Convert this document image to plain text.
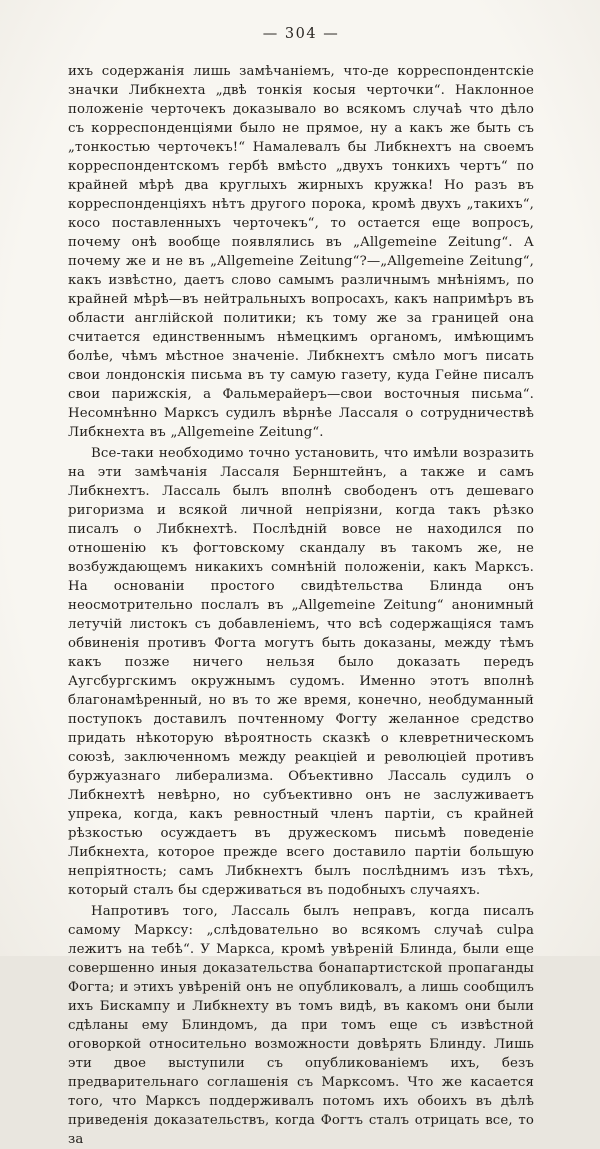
— 304 —

ихъ содержанія лишь замѣчаніемъ, что-де корреспондентскіе значки Либкнехта „двѣ тонкія косыя черточки“. Наклонное положеніе черточекъ доказывало во всякомъ случаѣ что дѣло съ корреспонденціями было не прямое, ну а какъ же быть съ „тонкостью черточекъ!“ Намалевалъ бы Либкнехтъ на своемъ корреспондентскомъ гербѣ вмѣсто „двухъ тонкихъ чертъ“ по крайней мѣрѣ два круглыхъ жирныхъ кружка! Но разъ въ корреспонденціяхъ нѣтъ другого порока, кромѣ двухъ „такихъ“, косо поставленныхъ черточекъ“, то остается еще вопросъ, почему онѣ вообще появлялись въ „Allgemeine Zeitung“. А почему же и не въ „Allgemeine Zeitung“?—„Allgemeine Zeitung“, какъ извѣстно, даетъ слово самымъ различнымъ мнѣніямъ, по крайней мѣрѣ—въ нейтральныхъ вопросахъ, какъ напримѣръ въ области англійской политики; къ тому же за границей она считается единственнымъ нѣмецкимъ органомъ, имѣющимъ болѣе, чѣмъ мѣстное значеніе. Либкнехтъ смѣло могъ писать свои лондонскія письма въ ту самую газету, куда Гейне писалъ свои парижскія, а Фальмерайеръ—свои восточныя письма“. Несомнѣнно Марксъ судилъ вѣрнѣе Лассаля о сотрудничествѣ Либкнехта въ „Allgemeine Zeitung“.

Все-таки необходимо точно установить, что имѣли возразить на эти замѣчанія Лассаля Бернштейнъ, а также и самъ Либкнехтъ. Лассаль былъ вполнѣ свободенъ отъ дешеваго ригоризма и всякой личной непріязни, когда такъ рѣзко писалъ о Либкнехтѣ. Послѣдній вовсе не находился по отношенію къ фогтовскому скандалу въ такомъ же, не возбуждающемъ никакихъ сомнѣній положеніи, какъ Марксъ. На основаніи простого свидѣтельства Блинда онъ неосмотрительно послалъ въ „Allgemeine Zeitung“ анонимный летучій листокъ съ добавленіемъ, что всѣ содержащіяся тамъ обвиненія противъ Фогта могутъ быть доказаны, между тѣмъ какъ позже ничего нельзя было доказать передъ Аугсбургскимъ окружнымъ судомъ. Именно этотъ вполнѣ благонамѣренный, но въ то же время, конечно, необдуманный поступокъ доставилъ почтенному Фогту желанное средство придать нѣкоторую вѣроятность сказкѣ о клевретническомъ союзѣ, заключенномъ между реакціей и революціей противъ буржуазнаго либерализма. Объективно Лассаль судилъ о Либкнехтѣ невѣрно, но субъективно онъ не заслуживаетъ упрека, когда, какъ ревностный членъ партіи, съ крайней рѣзкостью осуждаетъ въ дружескомъ письмѣ поведеніе Либкнехта, которое прежде всего доставило партіи большую непріятность; самъ Либкнехтъ былъ послѣднимъ изъ тѣхъ, который сталъ бы сдерживаться въ подобныхъ случаяхъ.

Напротивъ того, Лассаль былъ неправъ, когда писалъ самому Марксу: „слѣдовательно во всякомъ случаѣ culpa лежитъ на тебѣ“. У Маркса, кромѣ увѣреній Блинда, были еще совершенно иныя доказательства бонапартистской пропаганды Фогта; и этихъ увѣреній онъ не опубликовалъ, а лишь сообщилъ ихъ Бискампу и Либкнехту въ томъ видѣ, въ какомъ они были сдѣланы ему Блиндомъ, да при томъ еще съ извѣстной оговоркой относительно возможности довѣрять Блинду. Лишь эти двое выступили съ опубликованіемъ ихъ, безъ предварительнаго соглашенія съ Марксомъ. Что же касается того, что Марксъ поддерживалъ потомъ ихъ обоихъ въ дѣлѣ приведенія доказательствъ, когда Фогтъ сталъ отрицать все, то за
